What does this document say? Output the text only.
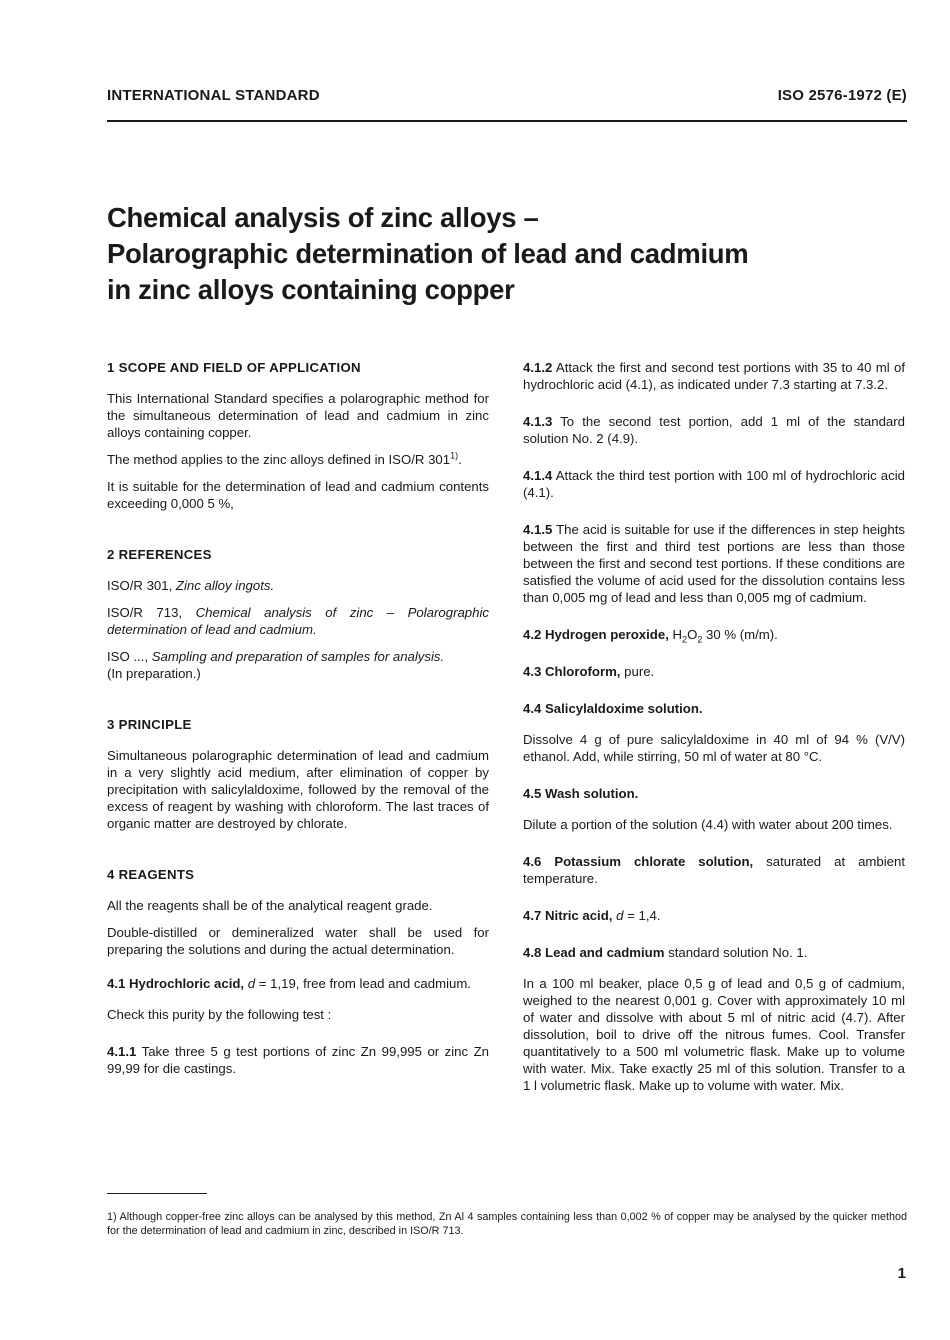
INTERNATIONAL STANDARD	ISO 2576-1972 (E)
Chemical analysis of zinc alloys –
Polarographic determination of lead and cadmium
in zinc alloys containing copper
1 SCOPE AND FIELD OF APPLICATION

This International Standard specifies a polarographic method for the simultaneous determination of lead and cadmium in zinc alloys containing copper.

The method applies to the zinc alloys defined in ISO/R 301$^{1)}$.

It is suitable for the determination of lead and cadmium contents exceeding 0,000 5 %,

2 REFERENCES

ISO/R 301, Zinc alloy ingots.

ISO/R 713, Chemical analysis of zinc – Polarographic determination of lead and cadmium.

ISO ..., Sampling and preparation of samples for analysis.
(In preparation.)

3 PRINCIPLE

Simultaneous polarographic determination of lead and cadmium in a very slightly acid medium, after elimination of copper by precipitation with salicylaldoxime, followed by the removal of the excess of reagent by washing with chloroform. The last traces of organic matter are destroyed by chlorate.

4 REAGENTS

All the reagents shall be of the analytical reagent grade.

Double-distilled or demineralized water shall be used for preparing the solutions and during the actual determination.

4.1 Hydrochloric acid, d = 1,19, free from lead and cadmium.

Check this purity by the following test :

4.1.1 Take three 5 g test portions of zinc Zn 99,995 or zinc Zn 99,99 for die castings.

4.1.2 Attack the first and second test portions with 35 to 40 ml of hydrochloric acid (4.1), as indicated under 7.3 starting at 7.3.2.

4.1.3 To the second test portion, add 1 ml of the standard solution No. 2 (4.9).

4.1.4 Attack the third test portion with 100 ml of hydrochloric acid (4.1).

4.1.5 The acid is suitable for use if the differences in step heights between the first and third test portions are less than those between the first and second test portions. If these conditions are satisfied the volume of acid used for the dissolution contains less than 0,005 mg of lead and less than 0,005 mg of cadmium.

4.2 Hydrogen peroxide, $H_2O_2$ 30 % (m/m).

4.3 Chloroform, pure.

4.4 Salicylaldoxime solution.

Dissolve 4 g of pure salicylaldoxime in 40 ml of 94 % (V/V) ethanol. Add, while stirring, 50 ml of water at 80 °C.

4.5 Wash solution.

Dilute a portion of the solution (4.4) with water about 200 times.

4.6 Potassium chlorate solution, saturated at ambient temperature.

4.7 Nitric acid, d = 1,4.

4.8 Lead and cadmium standard solution No. 1.

In a 100 ml beaker, place 0,5 g of lead and 0,5 g of cadmium, weighed to the nearest 0,001 g. Cover with approximately 10 ml of water and dissolve with about 5 ml of nitric acid (4.7). After dissolution, boil to drive off the nitrous fumes. Cool. Transfer quantitatively to a 500 ml volumetric flask. Make up to volume with water. Mix. Take exactly 25 ml of this solution. Transfer to a 1 l volumetric flask. Make up to volume with water. Mix.

1) Although copper-free zinc alloys can be analysed by this method, Zn Al 4 samples containing less than 0,002 % of copper may be analysed by the quicker method for the determination of lead and cadmium in zinc, described in ISO/R 713.
1
